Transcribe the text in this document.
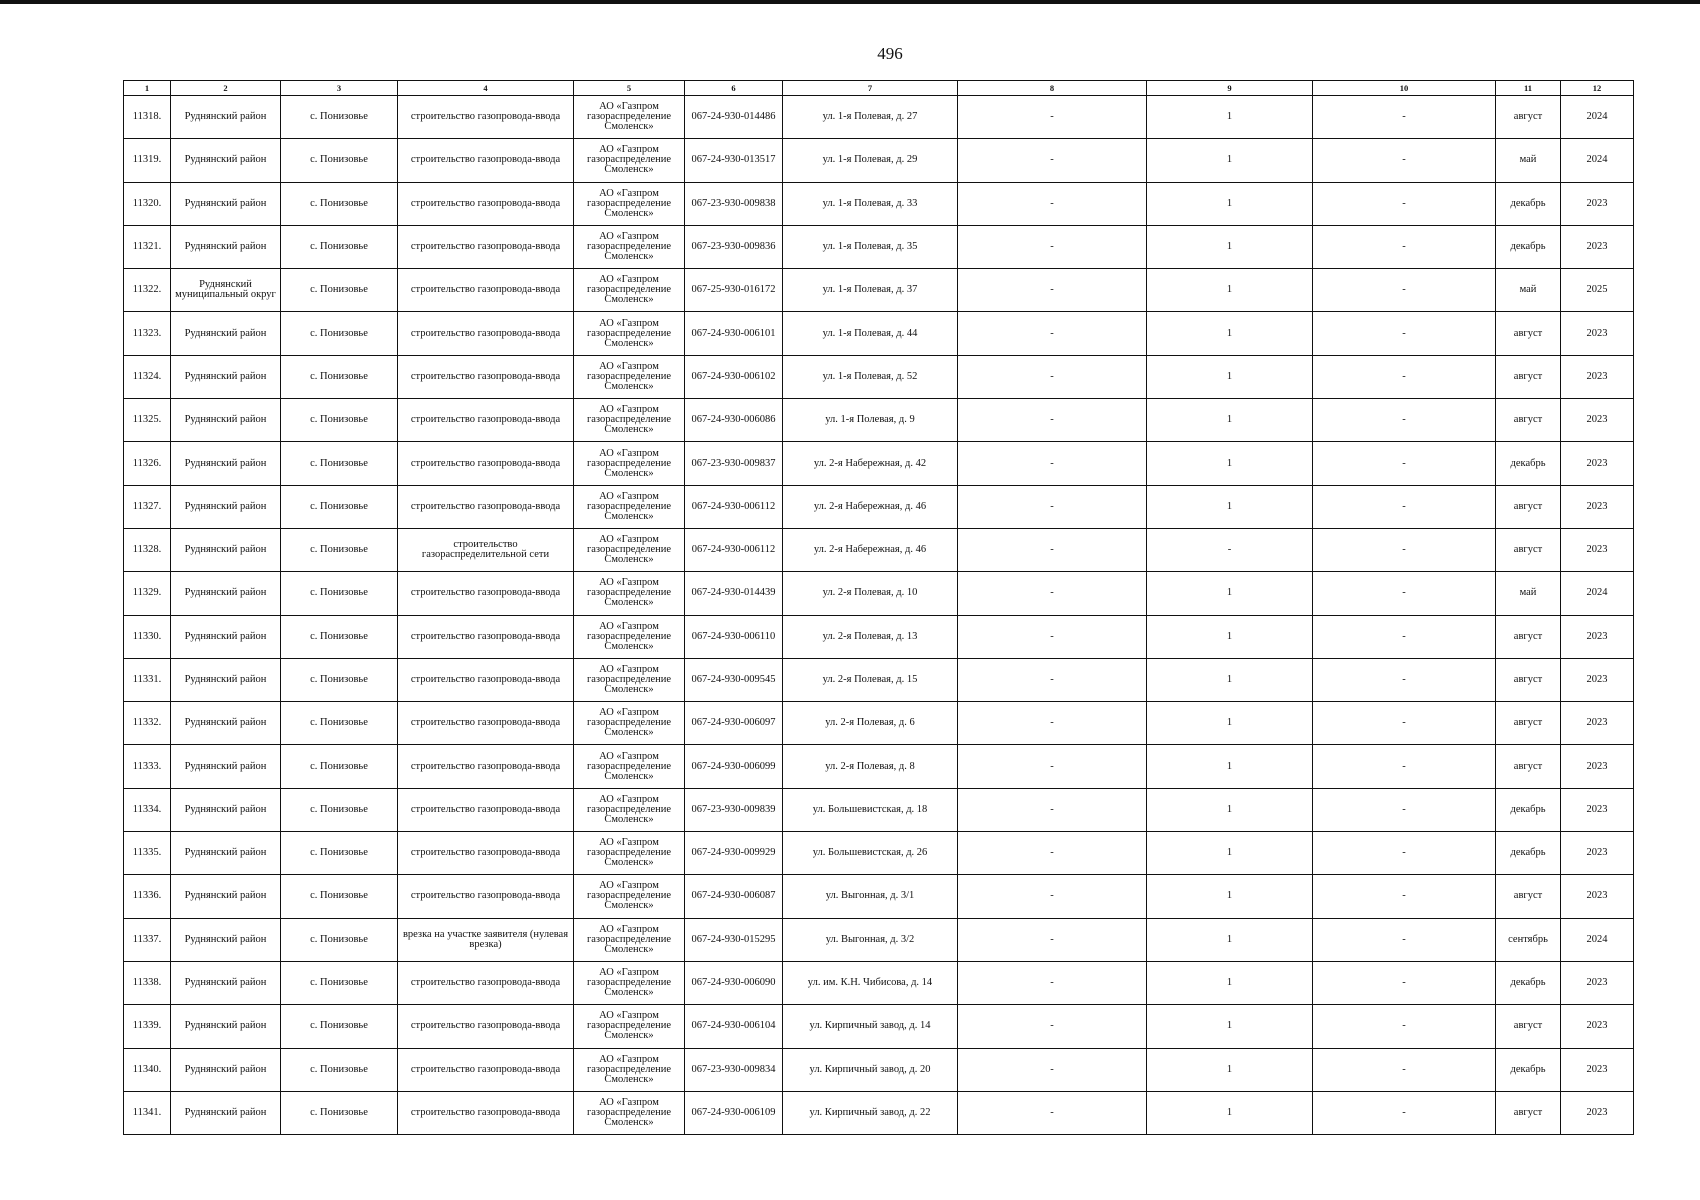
496
1	2	3	4	5	6	7	8	9	10	11	12
11318.	Руднянский район	с. Понизовье	строительство газопровода-ввода	АО «Газпром газораспределение Смоленск»	067-24-930-014486	ул. 1-я Полевая, д. 27	-	1	-	август	2024
11319.	Руднянский район	с. Понизовье	строительство газопровода-ввода	АО «Газпром газораспределение Смоленск»	067-24-930-013517	ул. 1-я Полевая, д. 29	-	1	-	май	2024
11320.	Руднянский район	с. Понизовье	строительство газопровода-ввода	АО «Газпром газораспределение Смоленск»	067-23-930-009838	ул. 1-я Полевая, д. 33	-	1	-	декабрь	2023
11321.	Руднянский район	с. Понизовье	строительство газопровода-ввода	АО «Газпром газораспределение Смоленск»	067-23-930-009836	ул. 1-я Полевая, д. 35	-	1	-	декабрь	2023
11322.	Руднянский муниципальный округ	с. Понизовье	строительство газопровода-ввода	АО «Газпром газораспределение Смоленск»	067-25-930-016172	ул. 1-я Полевая, д. 37	-	1	-	май	2025
11323.	Руднянский район	с. Понизовье	строительство газопровода-ввода	АО «Газпром газораспределение Смоленск»	067-24-930-006101	ул. 1-я Полевая, д. 44	-	1	-	август	2023
11324.	Руднянский район	с. Понизовье	строительство газопровода-ввода	АО «Газпром газораспределение Смоленск»	067-24-930-006102	ул. 1-я Полевая, д. 52	-	1	-	август	2023
11325.	Руднянский район	с. Понизовье	строительство газопровода-ввода	АО «Газпром газораспределение Смоленск»	067-24-930-006086	ул. 1-я Полевая, д. 9	-	1	-	август	2023
11326.	Руднянский район	с. Понизовье	строительство газопровода-ввода	АО «Газпром газораспределение Смоленск»	067-23-930-009837	ул. 2-я Набережная, д. 42	-	1	-	декабрь	2023
11327.	Руднянский район	с. Понизовье	строительство газопровода-ввода	АО «Газпром газораспределение Смоленск»	067-24-930-006112	ул. 2-я Набережная, д. 46	-	1	-	август	2023
11328.	Руднянский район	с. Понизовье	строительство газораспределительной сети	АО «Газпром газораспределение Смоленск»	067-24-930-006112	ул. 2-я Набережная, д. 46	-	-	-	август	2023
11329.	Руднянский район	с. Понизовье	строительство газопровода-ввода	АО «Газпром газораспределение Смоленск»	067-24-930-014439	ул. 2-я Полевая, д. 10	-	1	-	май	2024
11330.	Руднянский район	с. Понизовье	строительство газопровода-ввода	АО «Газпром газораспределение Смоленск»	067-24-930-006110	ул. 2-я Полевая, д. 13	-	1	-	август	2023
11331.	Руднянский район	с. Понизовье	строительство газопровода-ввода	АО «Газпром газораспределение Смоленск»	067-24-930-009545	ул. 2-я Полевая, д. 15	-	1	-	август	2023
11332.	Руднянский район	с. Понизовье	строительство газопровода-ввода	АО «Газпром газораспределение Смоленск»	067-24-930-006097	ул. 2-я Полевая, д. 6	-	1	-	август	2023
11333.	Руднянский район	с. Понизовье	строительство газопровода-ввода	АО «Газпром газораспределение Смоленск»	067-24-930-006099	ул. 2-я Полевая, д. 8	-	1	-	август	2023
11334.	Руднянский район	с. Понизовье	строительство газопровода-ввода	АО «Газпром газораспределение Смоленск»	067-23-930-009839	ул. Большевистская, д. 18	-	1	-	декабрь	2023
11335.	Руднянский район	с. Понизовье	строительство газопровода-ввода	АО «Газпром газораспределение Смоленск»	067-24-930-009929	ул. Большевистская, д. 26	-	1	-	декабрь	2023
11336.	Руднянский район	с. Понизовье	строительство газопровода-ввода	АО «Газпром газораспределение Смоленск»	067-24-930-006087	ул. Выгонная, д. 3/1	-	1	-	август	2023
11337.	Руднянский район	с. Понизовье	врезка на участке заявителя (нулевая врезка)	АО «Газпром газораспределение Смоленск»	067-24-930-015295	ул. Выгонная, д. 3/2	-	1	-	сентябрь	2024
11338.	Руднянский район	с. Понизовье	строительство газопровода-ввода	АО «Газпром газораспределение Смоленск»	067-24-930-006090	ул. им. К.Н. Чибисова, д. 14	-	1	-	декабрь	2023
11339.	Руднянский район	с. Понизовье	строительство газопровода-ввода	АО «Газпром газораспределение Смоленск»	067-24-930-006104	ул. Кирпичный завод, д. 14	-	1	-	август	2023
11340.	Руднянский район	с. Понизовье	строительство газопровода-ввода	АО «Газпром газораспределение Смоленск»	067-23-930-009834	ул. Кирпичный завод, д. 20	-	1	-	декабрь	2023
11341.	Руднянский район	с. Понизовье	строительство газопровода-ввода	АО «Газпром газораспределение Смоленск»	067-24-930-006109	ул. Кирпичный завод, д. 22	-	1	-	август	2023
